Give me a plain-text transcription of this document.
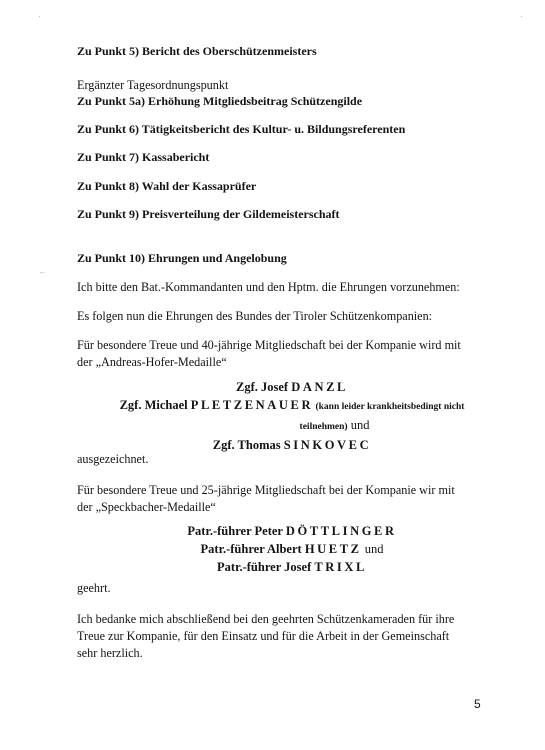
·	·
-·
Zu Punkt 5) Bericht des Oberschützenmeisters
Ergänzter Tagesordnungspunkt
Zu Punkt 5a) Erhöhung Mitgliedsbeitrag Schützengilde
Zu Punkt 6) Tätigkeitsbericht des Kultur- u. Bildungsreferenten
Zu Punkt 7) Kassabericht
Zu Punkt 8) Wahl der Kassaprüfer
Zu Punkt 9) Preisverteilung der Gildemeisterschaft
Zu Punkt 10) Ehrungen und Angelobung
Ich bitte den Bat.-Kommandanten und den Hptm. die Ehrungen vorzunehmen:
Es folgen nun die Ehrungen des Bundes der Tiroler Schützenkompanien:
Für besondere Treue und 40-jährige Mitgliedschaft bei der Kompanie wird mit
der „Andreas-Hofer-Medaille“
Zgf. Josef DANZL
Zgf. Michael PLETZENAUER (kann leider krankheitsbedingt nicht
teilnehmen) und
Zgf. Thomas SINKOVEC
ausgezeichnet.
Für besondere Treue und 25-jährige Mitgliedschaft bei der Kompanie wir mit
der „Speckbacher-Medaille“
Patr.-führer Peter DÖTTLINGER
Patr.-führer Albert HUETZ und
Patr.-führer Josef TRIXL
geehrt.
Ich bedanke mich abschließend bei den geehrten Schützenkameraden für ihre
Treue zur Kompanie, für den Einsatz und für die Arbeit in der Gemeinschaft
sehr herzlich.
5
